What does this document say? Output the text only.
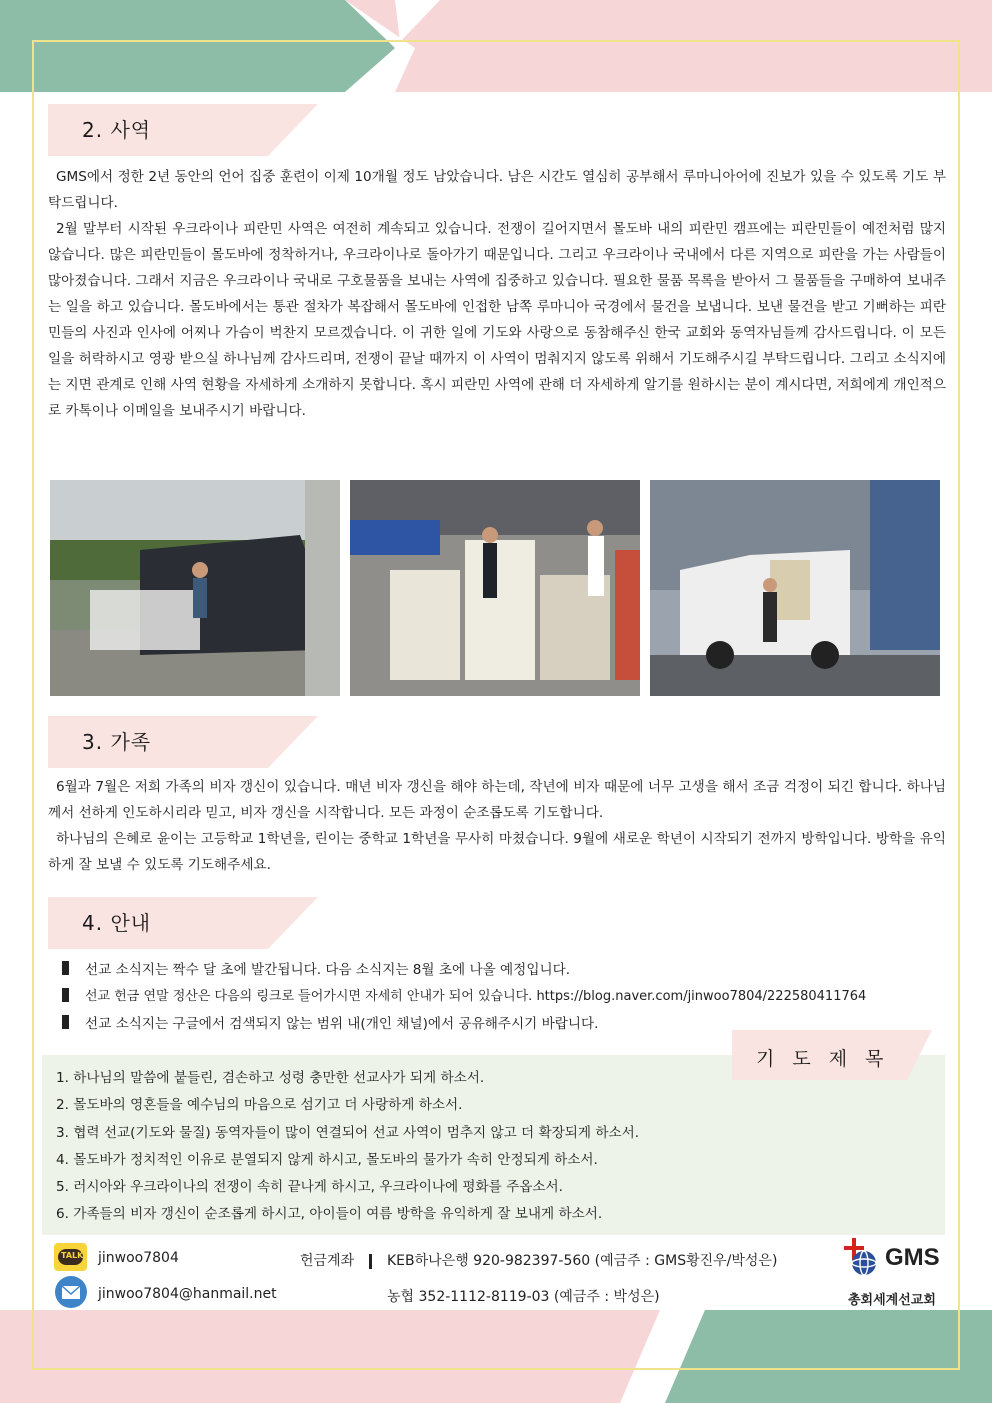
2. 사역

GMS에서 정한 2년 동안의 언어 집중 훈련이 이제 10개월 정도 남았습니다. 남은 시간도 열심히 공부해서 루마니아어에 진보가 있을 수 있도록 기도 부탁드립니다.

2월 말부터 시작된 우크라이나 피란민 사역은 여전히 계속되고 있습니다. 전쟁이 길어지면서 몰도바 내의 피란민 캠프에는 피란민들이 예전처럼 많지 않습니다. 많은 피란민들이 몰도바에 정착하거나, 우크라이나로 돌아가기 때문입니다. 그리고 우크라이나 국내에서 다른 지역으로 피란을 가는 사람들이 많아졌습니다. 그래서 지금은 우크라이나 국내로 구호물품을 보내는 사역에 집중하고 있습니다. 필요한 물품 목록을 받아서 그 물품들을 구매하여 보내주는 일을 하고 있습니다. 몰도바에서는 통관 절차가 복잡해서 몰도바에 인접한 남쪽 루마니아 국경에서 물건을 보냅니다. 보낸 물건을 받고 기뻐하는 피란민들의 사진과 인사에 어찌나 가슴이 벅찬지 모르겠습니다. 이 귀한 일에 기도와 사랑으로 동참해주신 한국 교회와 동역자님들께 감사드립니다. 이 모든 일을 허락하시고 영광 받으실 하나님께 감사드리며, 전쟁이 끝날 때까지 이 사역이 멈춰지지 않도록 위해서 기도해주시길 부탁드립니다. 그리고 소식지에는 지면 관계로 인해 사역 현황을 자세하게 소개하지 못합니다. 혹시 피란민 사역에 관해 더 자세하게 알기를 원하시는 분이 계시다면, 저희에게 개인적으로 카톡이나 이메일을 보내주시기 바랍니다.

3. 가족

6월과 7월은 저희 가족의 비자 갱신이 있습니다. 매년 비자 갱신을 해야 하는데, 작년에 비자 때문에 너무 고생을 해서 조금 걱정이 되긴 합니다. 하나님께서 선하게 인도하시리라 믿고, 비자 갱신을 시작합니다. 모든 과정이 순조롭도록 기도합니다.

하나님의 은혜로 윤이는 고등학교 1학년을, 린이는 중학교 1학년을 무사히 마쳤습니다. 9월에 새로운 학년이 시작되기 전까지 방학입니다. 방학을 유익하게 잘 보낼 수 있도록 기도해주세요.

4. 안내
선교 소식지는 짝수 달 초에 발간됩니다. 다음 소식지는 8월 초에 나올 예정입니다.
선교 헌금 연말 정산은 다음의 링크로 들어가시면 자세히 안내가 되어 있습니다. https://blog.naver.com/jinwoo7804/222580411764
선교 소식지는 구글에서 검색되지 않는 범위 내(개인 채널)에서 공유해주시기 바랍니다.
기도제목
1. 하나님의 말씀에 붙들린, 겸손하고 성령 충만한 선교사가 되게 하소서.
2. 몰도바의 영혼들을 예수님의 마음으로 섬기고 더 사랑하게 하소서.
3. 협력 선교(기도와 물질) 동역자들이 많이 연결되어 선교 사역이 멈추지 않고 더 확장되게 하소서.
4. 몰도바가 정치적인 이유로 분열되지 않게 하시고, 몰도바의 물가가 속히 안정되게 하소서.
5. 러시아와 우크라이나의 전쟁이 속히 끝나게 하시고, 우크라이나에 평화를 주옵소서.
6. 가족들의 비자 갱신이 순조롭게 하시고, 아이들이 여름 방학을 유익하게 잘 보내게 하소서.
TALK jinwoo7804
jinwoo7804@hanmail.net
헌금계좌	KEB하나은행 920-982397-560 (예금주 : GMS황진우/박성은)
농협 352-1112-8119-03 (예금주 : 박성은)
GMS
총회세계선교회
